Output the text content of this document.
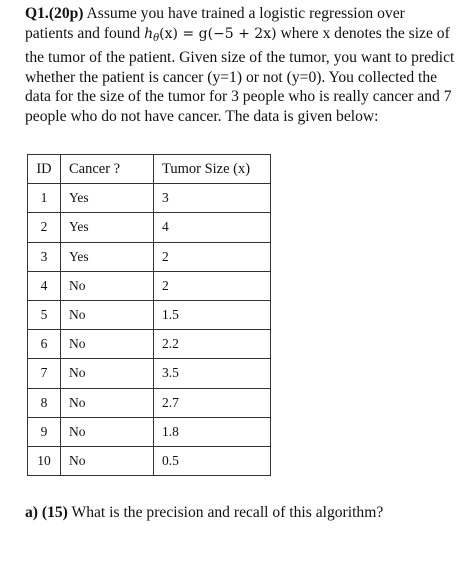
Q1.(20p) Assume you have trained a logistic regression over patients and found $h_\theta(x) = g(-5 + 2x)$ where x denotes the size of the tumor of the patient. Given size of the tumor, you want to predict whether the patient is cancer (y=1) or not (y=0). You collected the data for the size of the tumor for 3 people who is really cancer and 7 people who do not have cancer. The data is given below:
ID	Cancer ?	Tumor Size (x)
1	Yes	3
2	Yes	4
3	Yes	2
4	No	2
5	No	1.5
6	No	2.2
7	No	3.5
8	No	2.7
9	No	1.8
10	No	0.5
a) (15) What is the precision and recall of this algorithm?
